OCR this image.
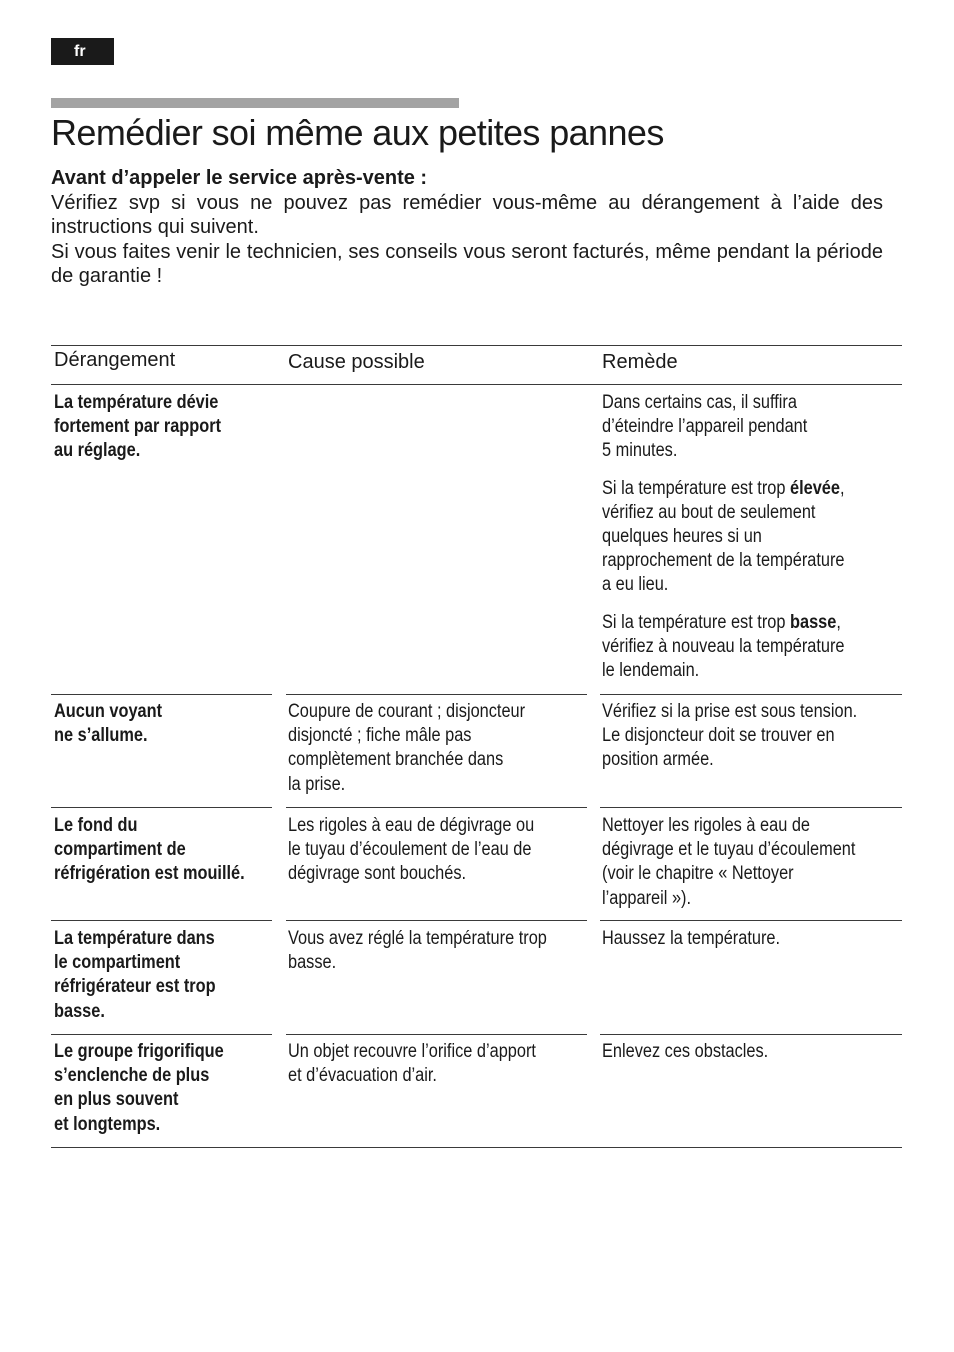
fr
Remédier soi même aux petites pannes

Avant d’appeler le service après-vente :

Vérifiez svp si vous ne pouvez pas remédier vous-même au dérangement à l’aide des instructions qui suivent.

Si vous faites venir le technicien, ses conseils vous seront facturés, même pendant la période de garantie !

Dérangement	Cause possible	Remède
La température dévie
fortement par rapport
au réglage.

Dans certains cas, il suffira
d’éteindre l’appareil pendant
5 minutes.

Si la température est trop élevée,
vérifiez au bout de seulement
quelques heures si un
rapprochement de la température
a eu lieu.

Si la température est trop basse,
vérifiez à nouveau la température
le lendemain.

Aucun voyant
ne s’allume.
Coupure de courant ; disjoncteur
disjoncté ; fiche mâle pas
complètement branchée dans
la prise.
Vérifiez si la prise est sous tension.
Le disjoncteur doit se trouver en
position armée.
Le fond du
compartiment de
réfrigération est mouillé.
Les rigoles à eau de dégivrage ou
le tuyau d’écoulement de l’eau de
dégivrage sont bouchés.
Nettoyer les rigoles à eau de
dégivrage et le tuyau d’écoulement
(voir le chapitre « Nettoyer
l’appareil »).
La température dans
le compartiment
réfrigérateur est trop
basse.
Vous avez réglé la température trop
basse.
Haussez la température.
Le groupe frigorifique
s’enclenche de plus
en plus souvent
et longtemps.
Un objet recouvre l’orifice d’apport
et d’évacuation d’air.
Enlevez ces obstacles.
